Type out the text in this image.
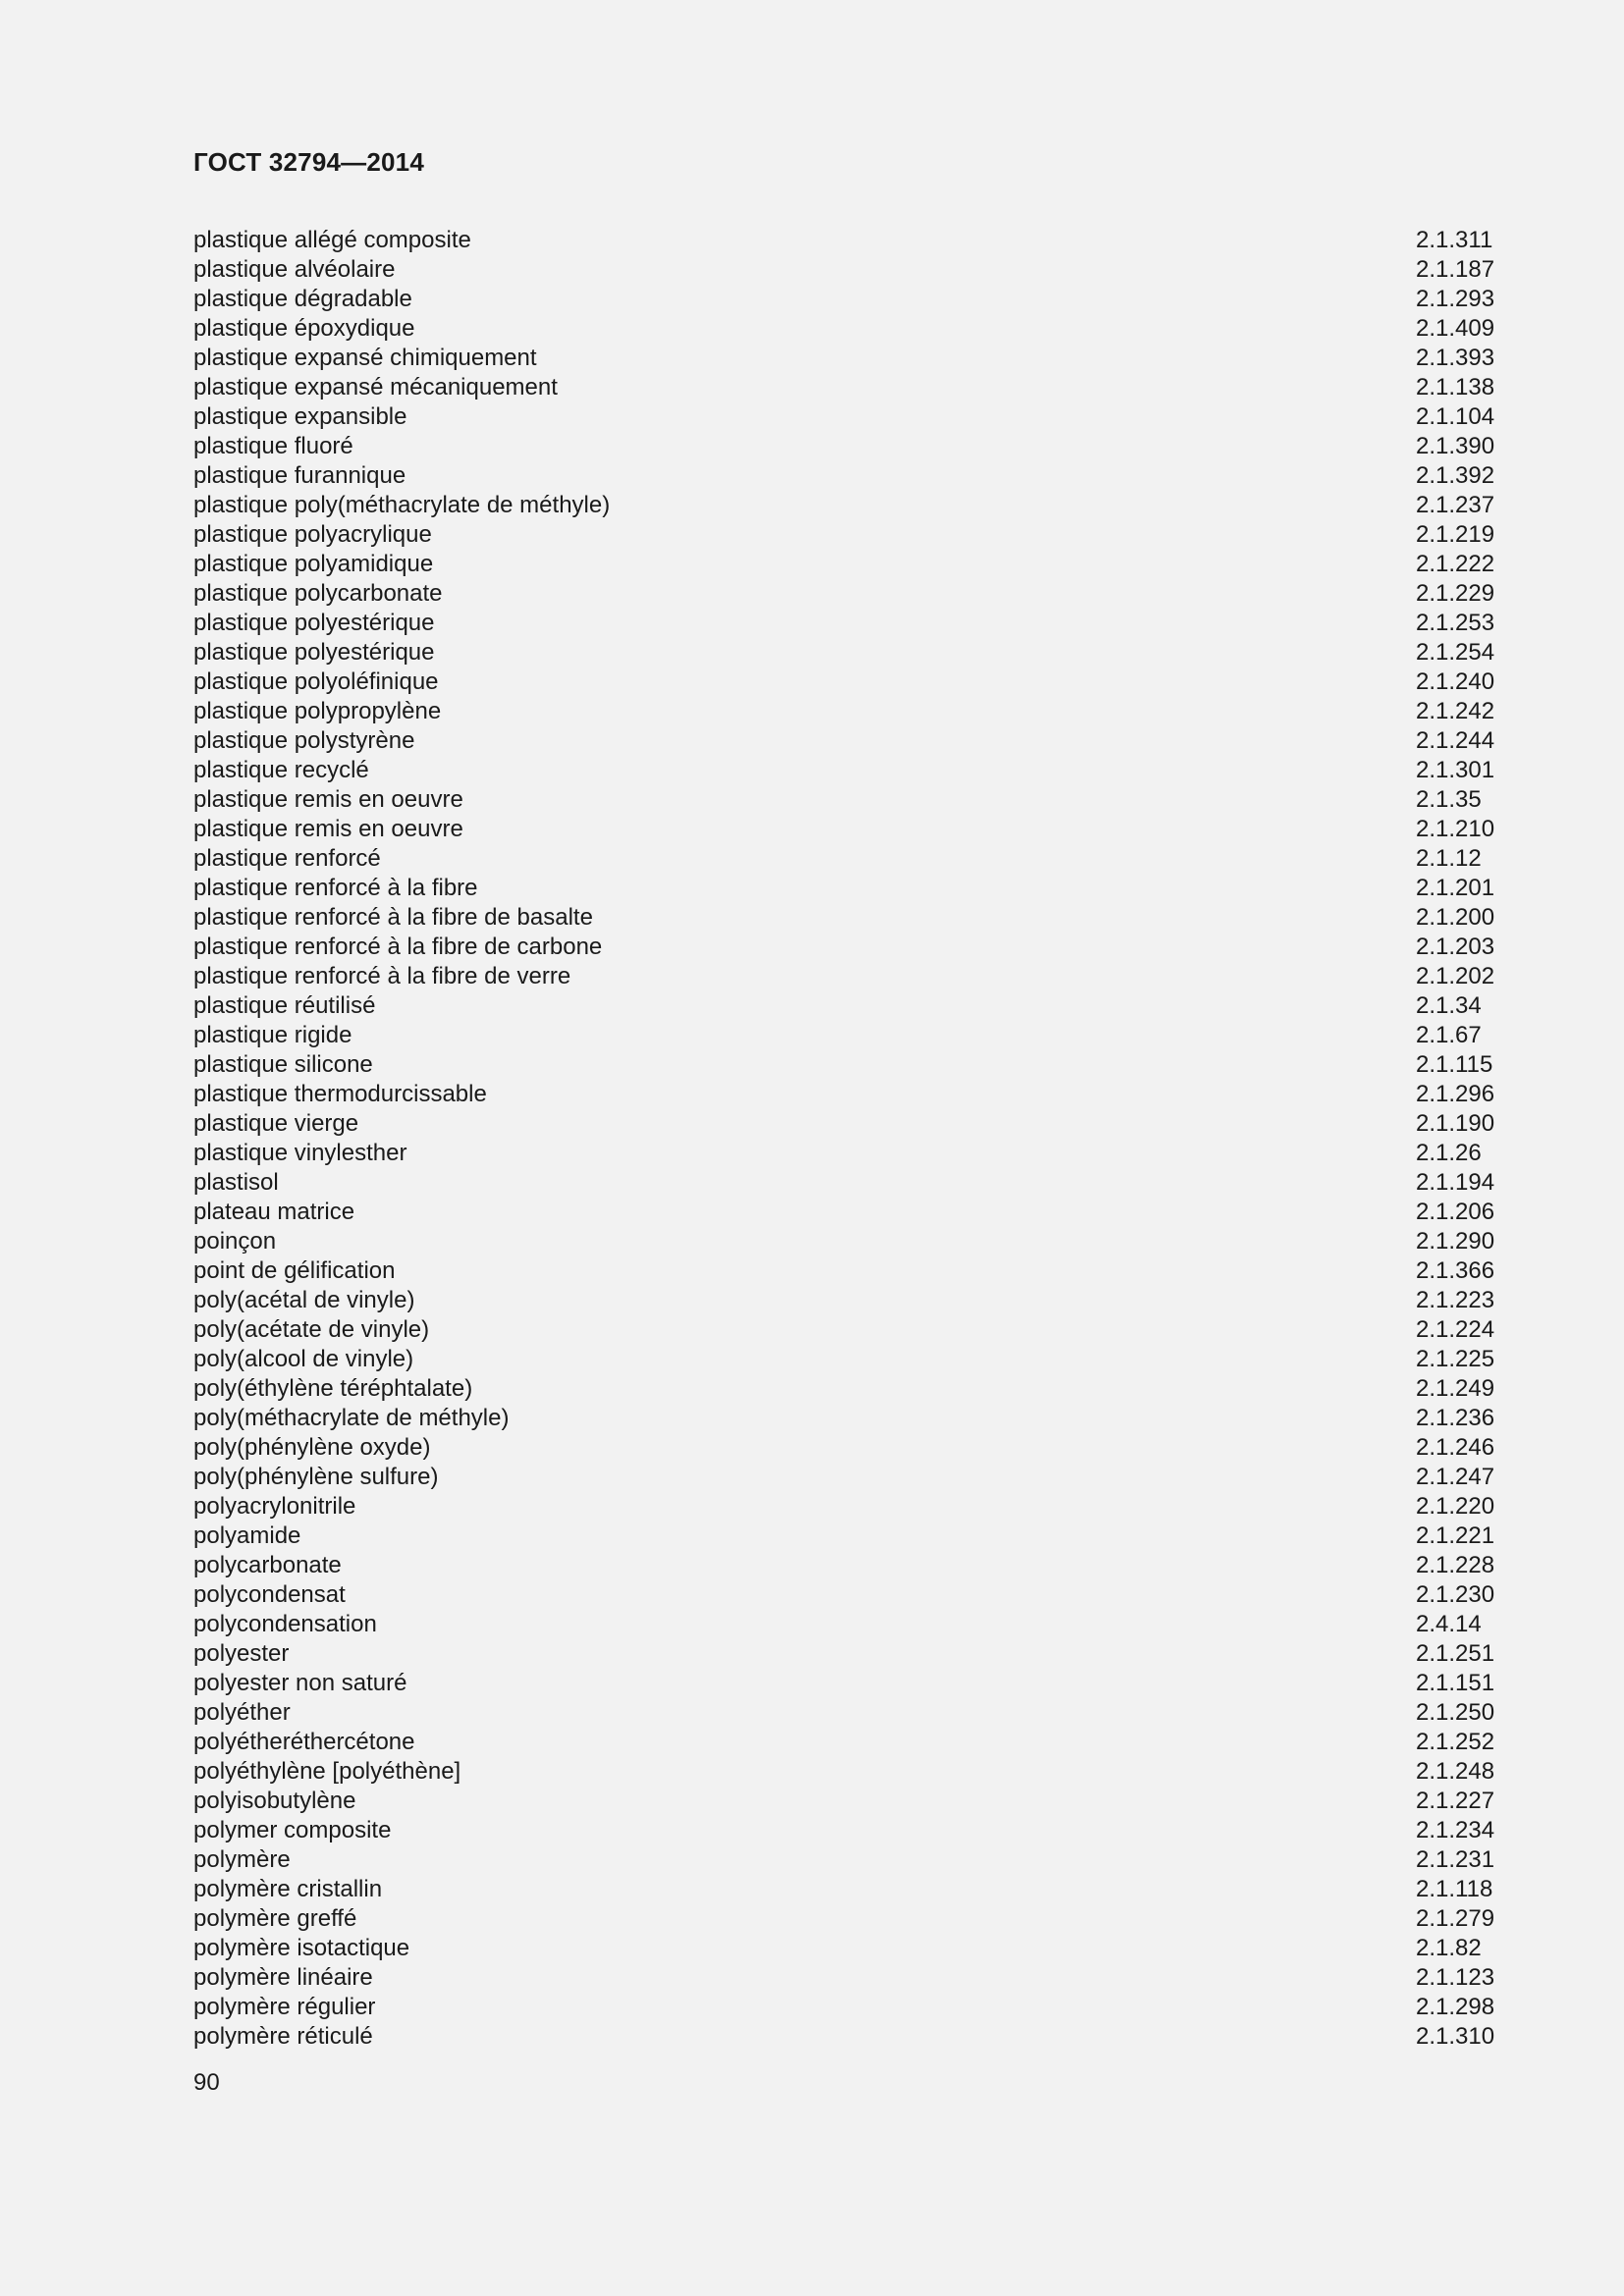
ГОСТ 32794—2014
plastique allégé composite	2.1.311
plastique alvéolaire	2.1.187
plastique dégradable	2.1.293
plastique époxydique	2.1.409
plastique expansé chimiquement	2.1.393
plastique expansé mécaniquement	2.1.138
plastique expansible	2.1.104
plastique fluoré	2.1.390
plastique furannique	2.1.392
plastique poly(méthacrylate de méthyle)	2.1.237
plastique polyacrylique	2.1.219
plastique polyamidique	2.1.222
plastique polycarbonate	2.1.229
plastique polyestérique	2.1.253
plastique polyestérique	2.1.254
plastique polyoléfinique	2.1.240
plastique polypropylène	2.1.242
plastique polystyrène	2.1.244
plastique recyclé	2.1.301
plastique remis en oeuvre	2.1.35
plastique remis en oeuvre	2.1.210
plastique renforcé	2.1.12
plastique renforcé à la fibre	2.1.201
plastique renforcé à la fibre de basalte	2.1.200
plastique renforcé à la fibre de carbone	2.1.203
plastique renforcé à la fibre de verre	2.1.202
plastique réutilisé	2.1.34
plastique rigide	2.1.67
plastique silicone	2.1.115
plastique thermodurcissable	2.1.296
plastique vierge	2.1.190
plastique vinylesther	2.1.26
plastisol	2.1.194
plateau matrice	2.1.206
poinçon	2.1.290
point de gélification	2.1.366
poly(acétal de vinyle)	2.1.223
poly(acétate de vinyle)	2.1.224
poly(alcool de vinyle)	2.1.225
poly(éthylène téréphtalate)	2.1.249
poly(méthacrylate de méthyle)	2.1.236
poly(phénylène oxyde)	2.1.246
poly(phénylène sulfure)	2.1.247
polyacrylonitrile	2.1.220
polyamide	2.1.221
polycarbonate	2.1.228
polycondensat	2.1.230
polycondensation	2.4.14
polyester	2.1.251
polyester non saturé	2.1.151
polyéther	2.1.250
polyétheréthercétone	2.1.252
polyéthylène [polyéthène]	2.1.248
polyisobutylène	2.1.227
polymer composite	2.1.234
polymère	2.1.231
polymère cristallin	2.1.118
polymère greffé	2.1.279
polymère isotactique	2.1.82
polymère linéaire	2.1.123
polymère régulier	2.1.298
polymère réticulé	2.1.310
90
